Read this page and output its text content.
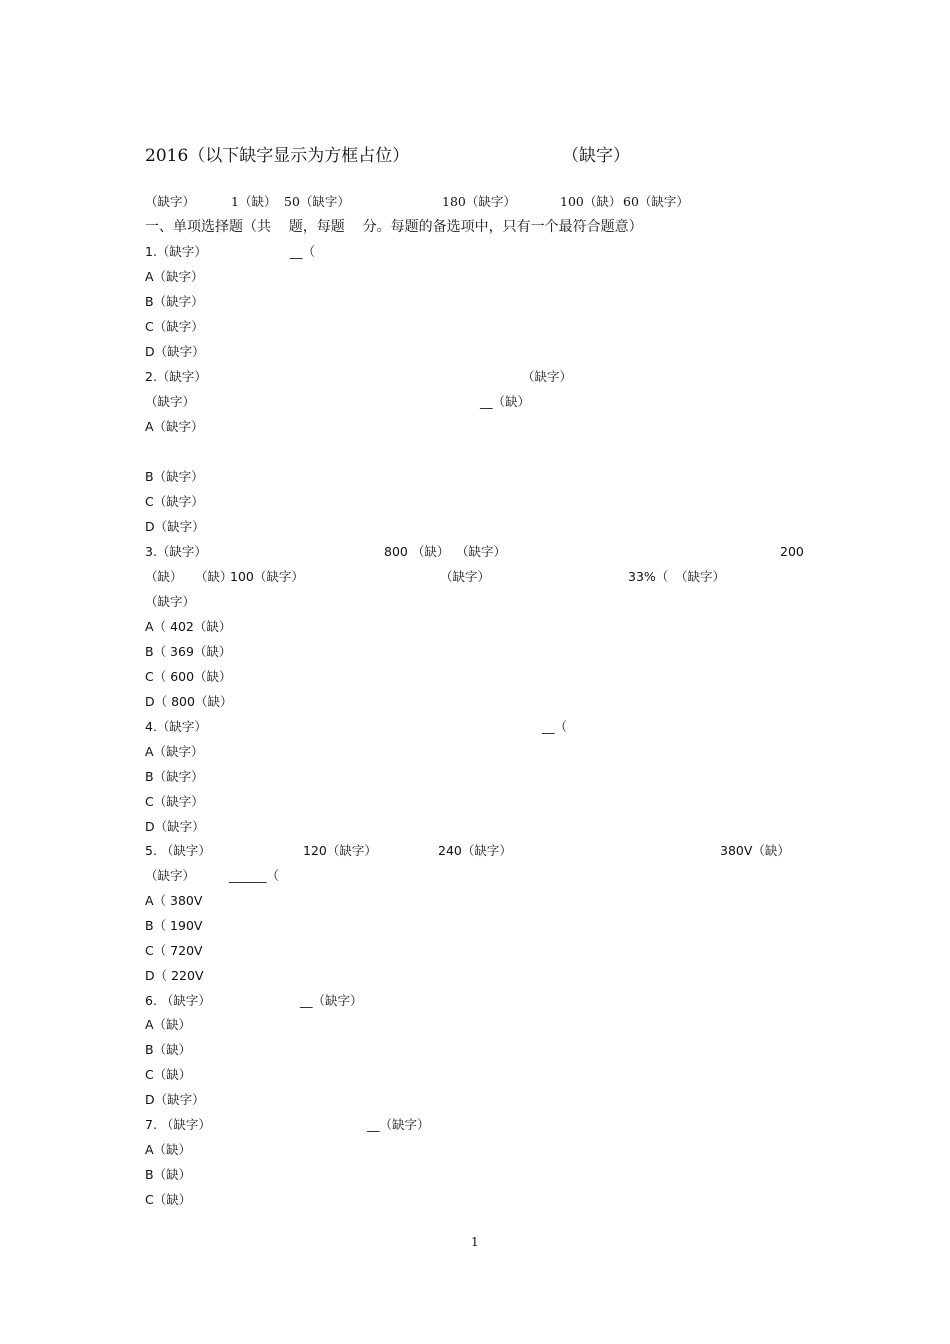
2016（以下缺字显示为方框占位）	（缺字）
（缺字）	1（缺） 50（缺字）	180（缺字）	100（缺） 60（缺字）
一、单项选择题（共    题，每题    分。每题的备选项中，只有一个最符合题意）
1.（缺字）	__（
A（缺字）
B（缺字）
C（缺字）
D（缺字）
2.（缺字）	（缺字）
（缺字）	__（缺）
A（缺字）
B（缺字）
C（缺字）
D（缺字）
3.（缺字）	800 （缺） （缺字）	200
（缺） （缺）
100（缺字）	（缺字）	33%（ （缺字）
（缺字）
A（ 402（缺）
B（ 369（缺）
C（ 600（缺）
D（ 800（缺）
4.（缺字）	__（
A（缺字）
B（缺字）
C（缺字）
D（缺字）
5. （缺字）	120（缺字）	240（缺字）	380V（缺）
（缺字）	______（
A（ 380V
B（ 190V
C（ 720V
D（ 220V
6. （缺字）	__（缺字）
A（缺）
B（缺）
C（缺）
D（缺字）
7. （缺字）	__（缺字）
A（缺）
B（缺）
C（缺）
1
